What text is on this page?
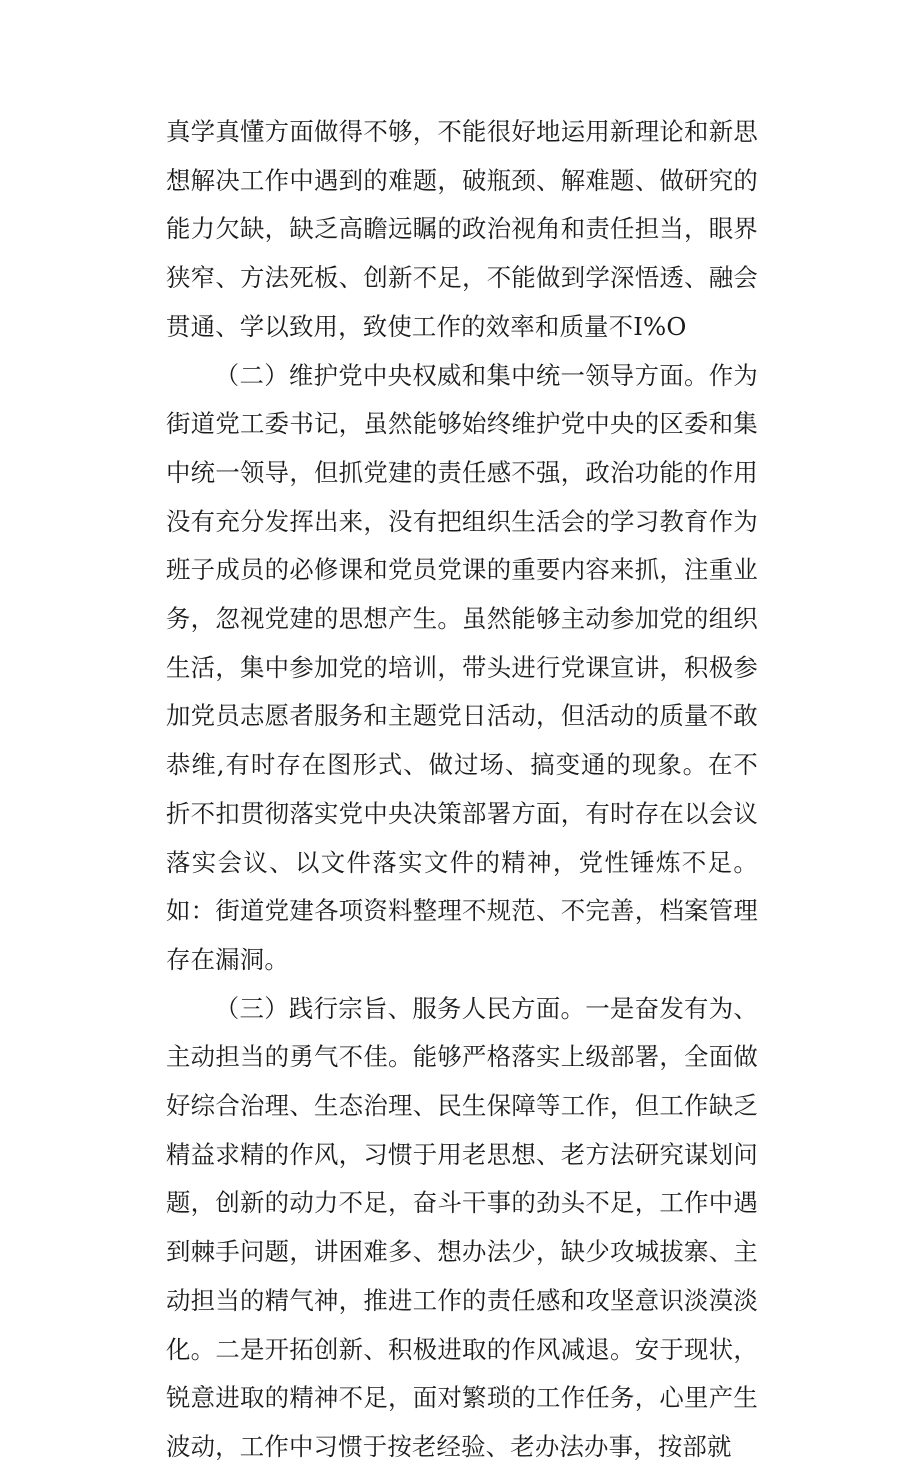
真学真懂方面做得不够，不能很好地运用新理论和新思想解决工作中遇到的难题，破瓶颈、解难题、做研究的能力欠缺，缺乏高瞻远瞩的政治视角和责任担当，眼界狭窄、方法死板、创新不足，不能做到学深悟透、融会贯通、学以致用，致使工作的效率和质量不I%O

（二）维护党中央权威和集中统一领导方面。作为街道党工委书记，虽然能够始终维护党中央的区委和集中统一领导，但抓党建的责任感不强，政治功能的作用没有充分发挥出来，没有把组织生活会的学习教育作为班子成员的必修课和党员党课的重要内容来抓，注重业务，忽视党建的思想产生。虽然能够主动参加党的组织生活，集中参加党的培训，带头进行党课宣讲，积极参加党员志愿者服务和主题党日活动，但活动的质量不敢恭维,有时存在图形式、做过场、搞变通的现象。在不折不扣贯彻落实党中央决策部署方面，有时存在以会议落实会议、以文件落实文件的精神，党性锤炼不足。如：街道党建各项资料整理不规范、不完善，档案管理存在漏洞。

（三）践行宗旨、服务人民方面。一是奋发有为、主动担当的勇气不佳。能够严格落实上级部署，全面做好综合治理、生态治理、民生保障等工作，但工作缺乏精益求精的作风，习惯于用老思想、老方法研究谋划问题，创新的动力不足，奋斗干事的劲头不足，工作中遇到棘手问题，讲困难多、想办法少，缺少攻城拔寨、主动担当的精气神，推进工作的责任感和攻坚意识淡漠淡化。二是开拓创新、积极进取的作风减退。安于现状，锐意进取的精神不足，面对繁琐的工作任务，心里产生波动，工作中习惯于按老经验、老办法办事，按部就
